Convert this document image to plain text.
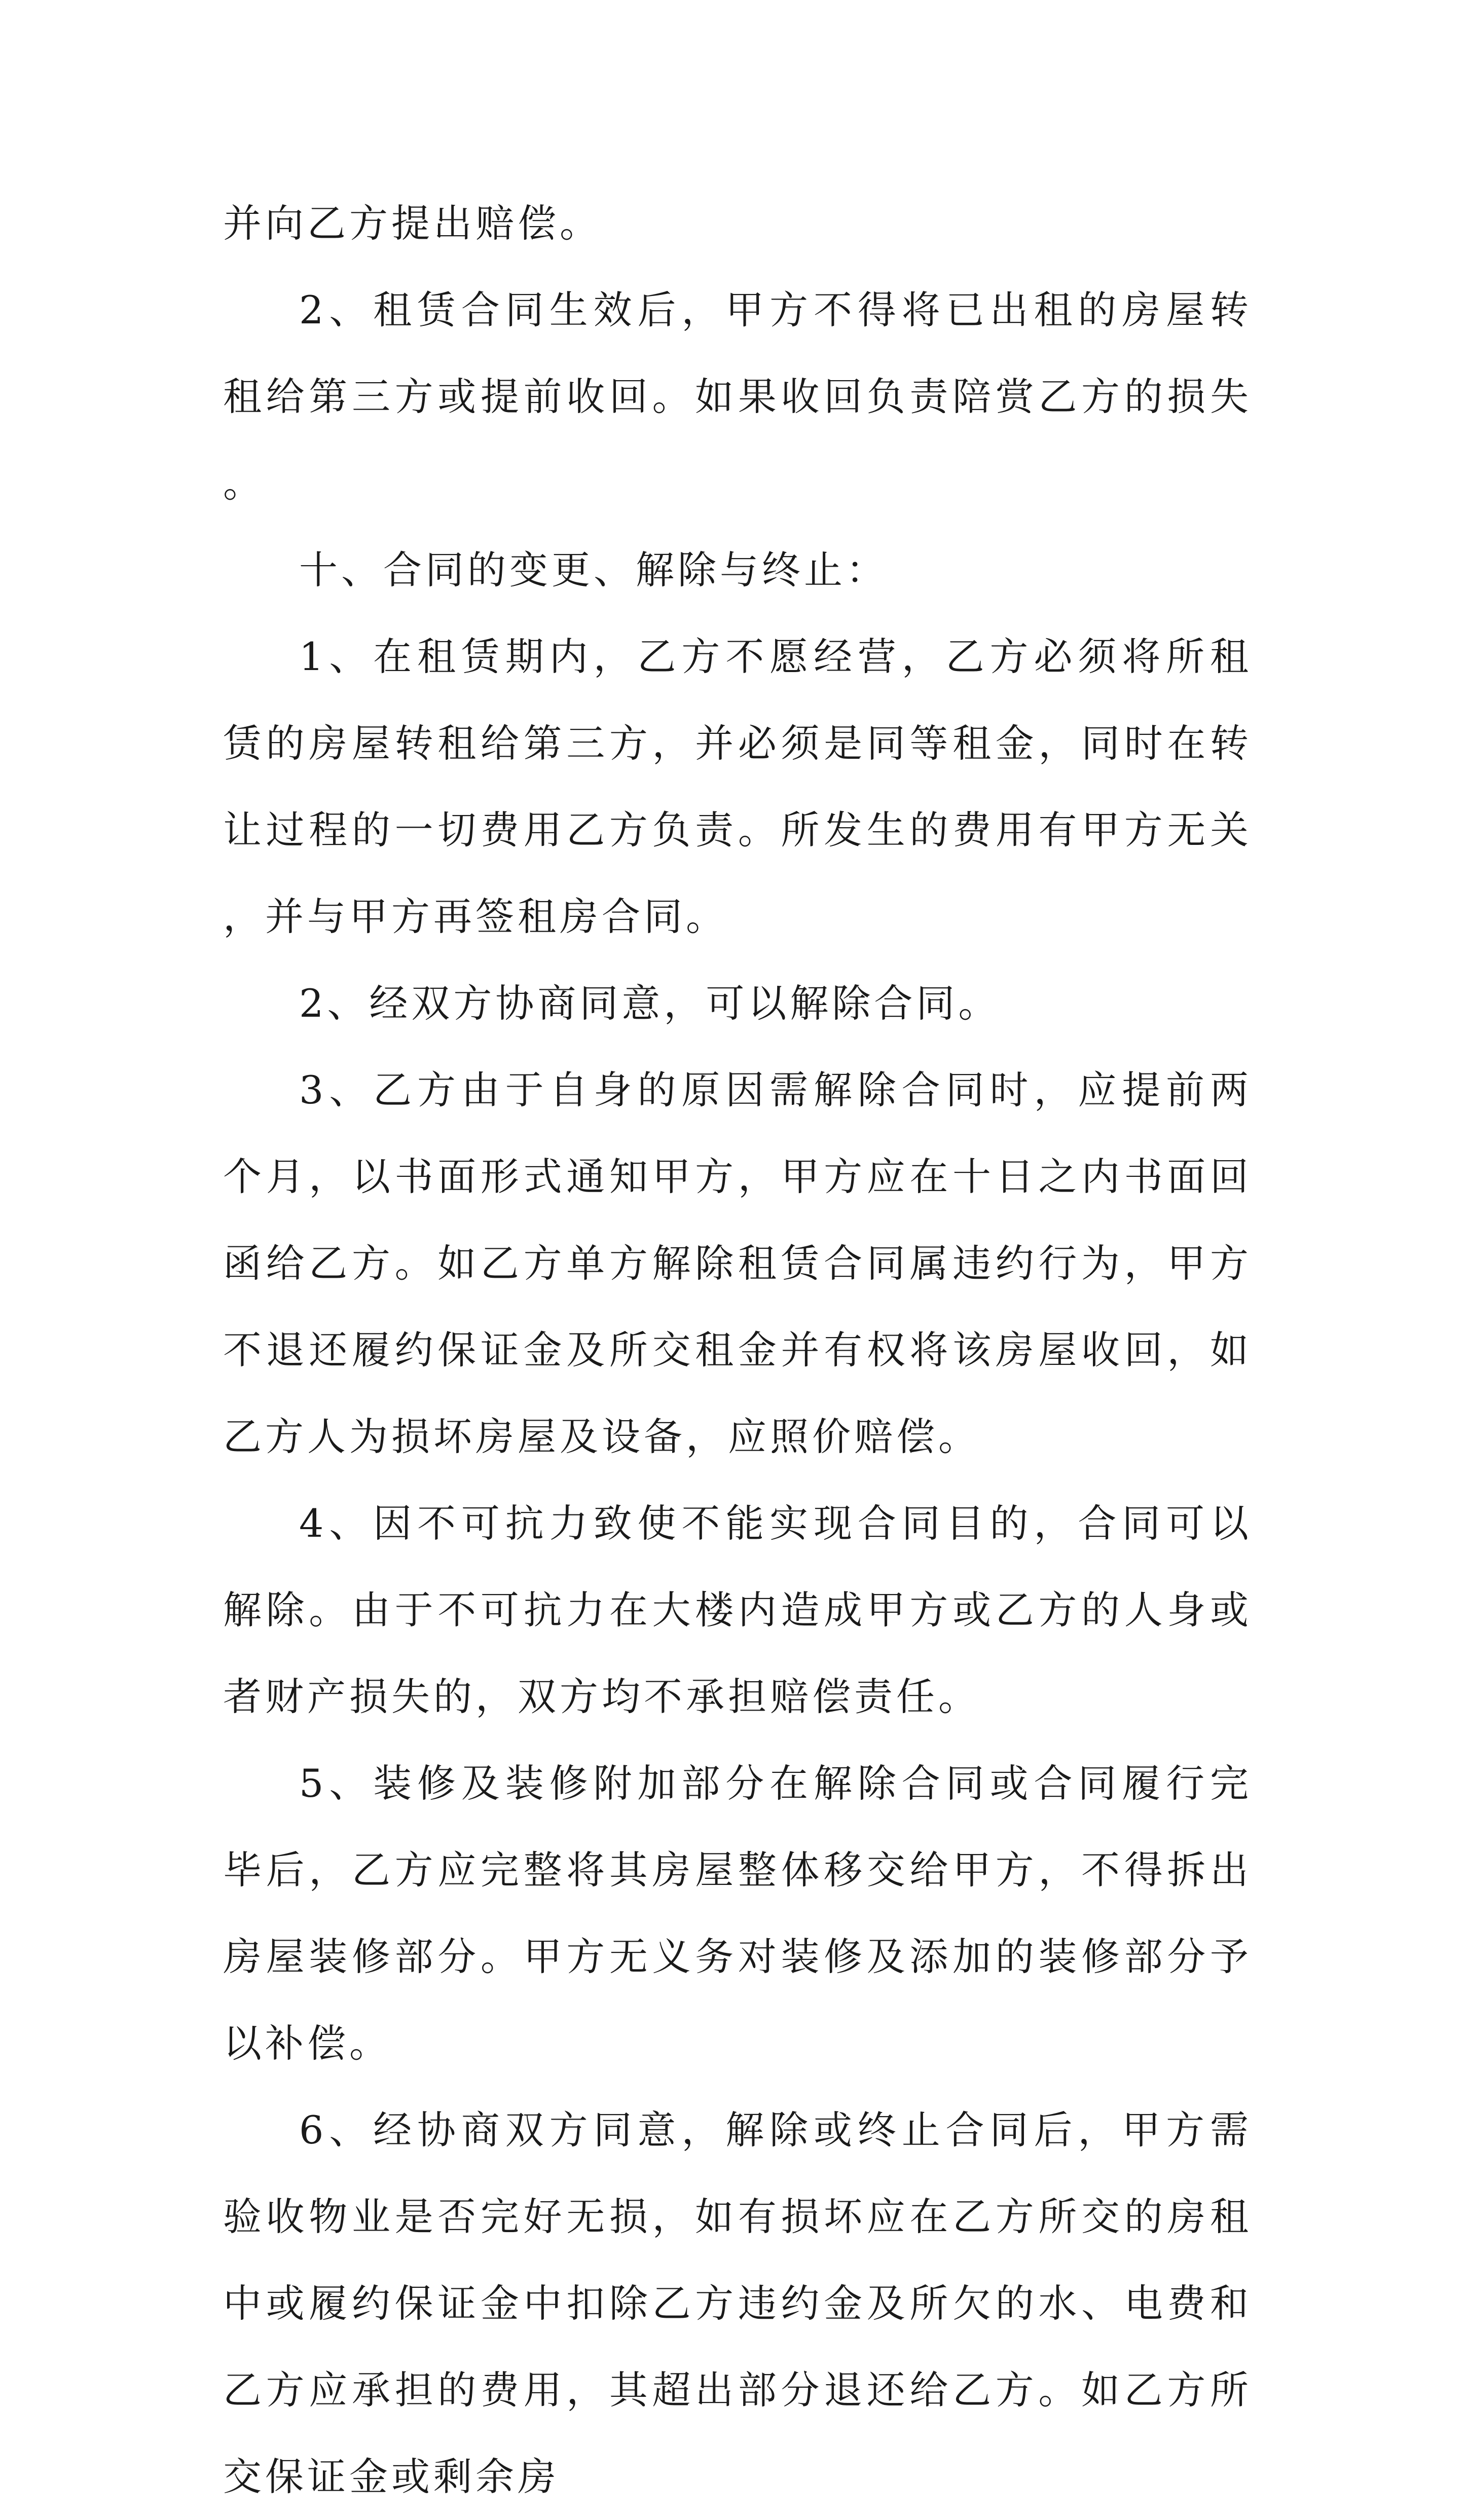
并向乙方提出赔偿。

2、租赁合同生效后，甲方不得将已出租的房屋转租给第三方或提前收回。如果收回负责陪赏乙方的损失。

十、合同的变更、解除与终止：

1、在租赁期内，乙方不愿经营，乙方必须将所租赁的房屋转租给第三方，并必须是同等租金，同时在转让过程的一切费用乙方负责。所发生的费用有甲方无关，并与甲方再签租房合同。

2、经双方协商同意，可以解除合同。

3、乙方由于自身的原因需解除合同时，应提前两个月，以书面形式通知甲方，甲方应在十日之内书面回函给乙方。如乙方单方解除租赁合同属违约行为，甲方不退还履约保证金及所交租金并有权将该房屋收回，如乙方人为损坏房屋及设备，应照价赔偿。

4、因不可抗力致使不能实现合同目的，合同可以解除。由于不可抗力在大楼内造成甲方或乙方的人身或者财产损失的，双方均不承担赔偿责任。

5、装修及装修附加部分在解除合同或合同履行完毕后，乙方应完整将其房屋整体移交给甲方，不得拆出房屋装修部分。甲方无义务对装修及添加的装修部分予以补偿。

6、经协商双方同意，解除或终止合同后，甲方需验收物业是否完好无损，如有损坏应在乙方所交的房租中或履约保证金中扣除乙方违约金及所欠的水、电费和乙方应承担的费用，其超出部分退还给乙方。如乙方所交保证金或剩余房
